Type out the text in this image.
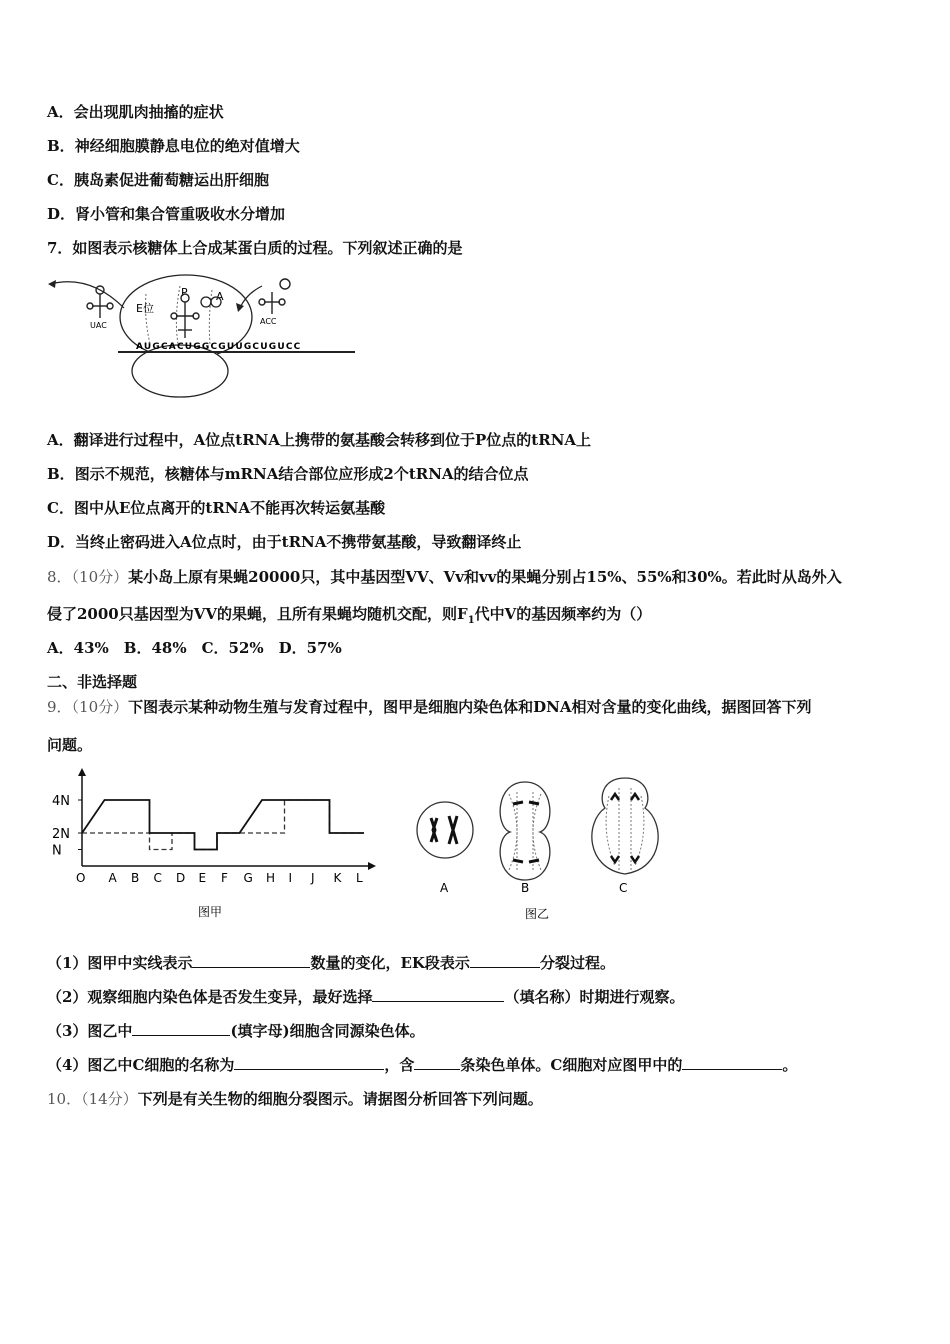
A．会出现肌肉抽搐的症状
B．神经细胞膜静息电位的绝对值增大
C．胰岛素促进葡萄糖运出肝细胞
D．肾小管和集合管重吸收水分增加
7．如图表示核糖体上合成某蛋白质的过程。下列叙述正确的是
AUGCACUGGCGUUGCUGUCC
E位
P	A
UAC	ACC
A．翻译进行过程中，A位点tRNA上携带的氨基酸会转移到位于P位点的tRNA上
B．图示不规范，核糖体与mRNA结合部位应形成2个tRNA的结合位点
C．图中从E位点离开的tRNA不能再次转运氨基酸
D．当终止密码进入A位点时，由于tRNA不携带氨基酸，导致翻译终止
8．（10分）某小岛上原有果蝇20000只，其中基因型VV、Vv和vv的果蝇分别占15%、55%和30%。若此时从岛外入
侵了2000只基因型为VV的果蝇，且所有果蝇均随机交配，则$F_1$代中V的基因频率约为（）
A．43%　B．48%　C．52%　D．57%
二、非选择题
9．（10分）下图表示某种动物生殖与发育过程中，图甲是细胞内染色体和DNA相对含量的变化曲线，据图回答下列
问题。
N
2N
4N
O A B C D E F G H I J K L
图甲
A	B	C
图乙
（1）图甲中实线表示	数量的变化，EK段表示	分裂过程。
（2）观察细胞内染色体是否发生变异，最好选择	（填名称）时期进行观察。
（3）图乙中	(填字母)细胞含同源染色体。
（4）图乙中C细胞的名称为	，含	条染色单体。C细胞对应图甲中的	。
10．（14分）下列是有关生物的细胞分裂图示。请据图分析回答下列问题。
